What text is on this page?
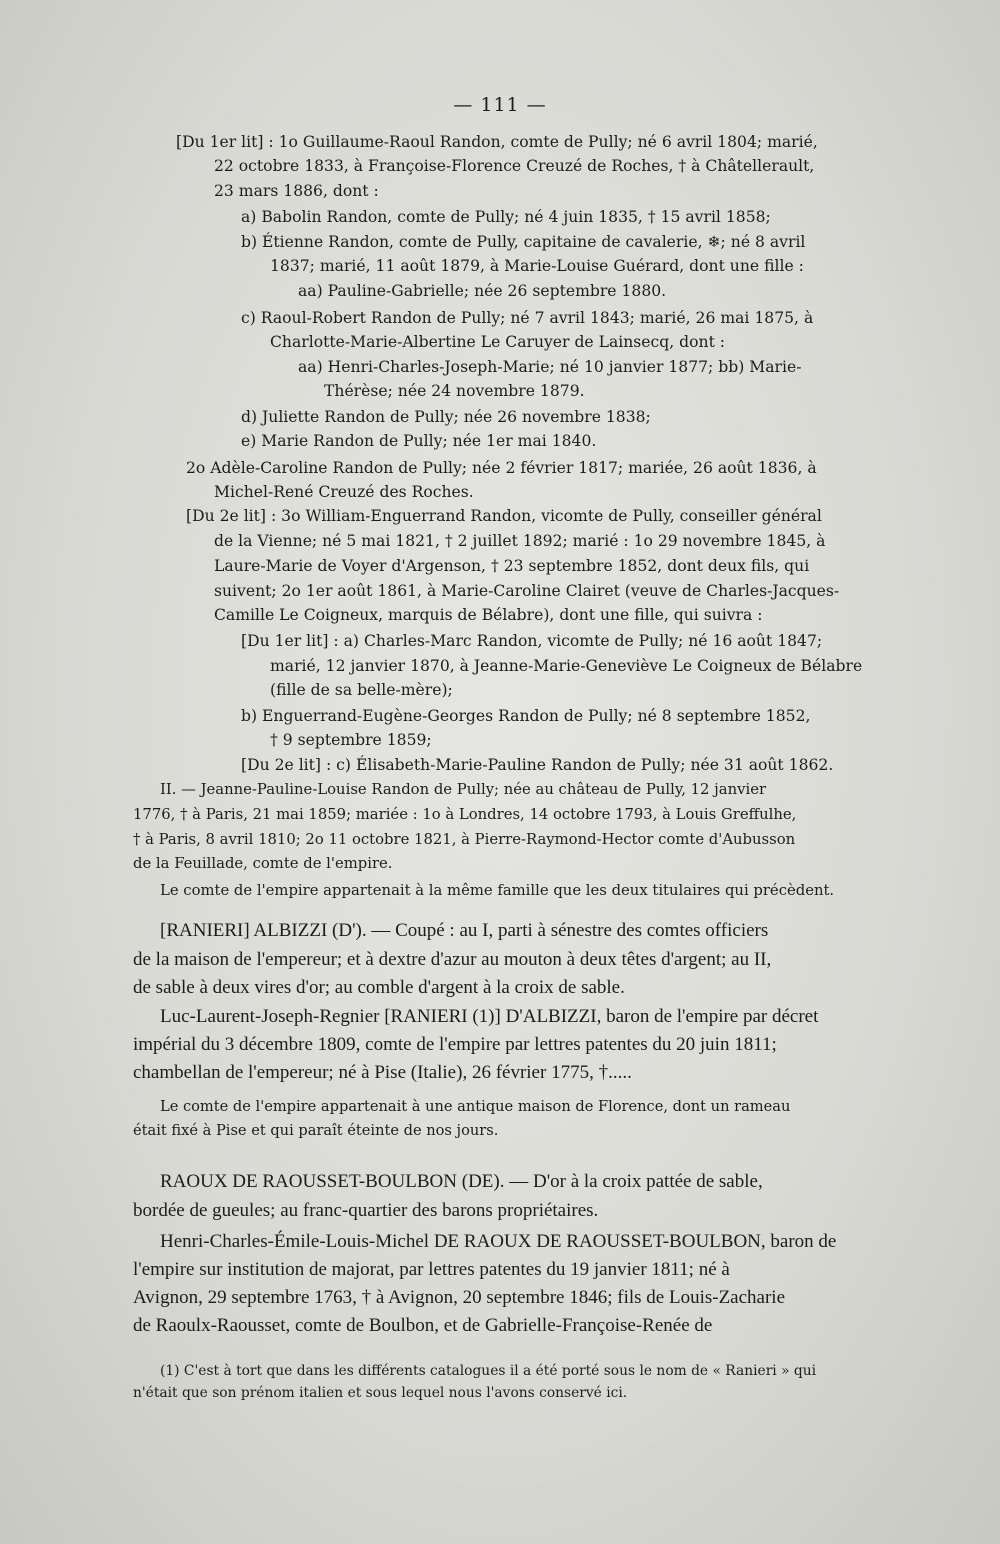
— 111 —
[Du 1er lit] : 1o Guillaume-Raoul Randon, comte de Pully; né 6 avril 1804; marié,
22 octobre 1833, à Françoise-Florence Creuzé de Roches, † à Châtellerault,
23 mars 1886, dont :
a) Babolin Randon, comte de Pully; né 4 juin 1835, † 15 avril 1858;
b) Étienne Randon, comte de Pully, capitaine de cavalerie, ❄; né 8 avril
1837; marié, 11 août 1879, à Marie-Louise Guérard, dont une fille :
aa) Pauline-Gabrielle; née 26 septembre 1880.
c) Raoul-Robert Randon de Pully; né 7 avril 1843; marié, 26 mai 1875, à
Charlotte-Marie-Albertine Le Caruyer de Lainsecq, dont :
aa) Henri-Charles-Joseph-Marie; né 10 janvier 1877; bb) Marie-
Thérèse; née 24 novembre 1879.
d) Juliette Randon de Pully; née 26 novembre 1838;
e) Marie Randon de Pully; née 1er mai 1840.
2o Adèle-Caroline Randon de Pully; née 2 février 1817; mariée, 26 août 1836, à
Michel-René Creuzé des Roches.
[Du 2e lit] : 3o William-Enguerrand Randon, vicomte de Pully, conseiller général
de la Vienne; né 5 mai 1821, † 2 juillet 1892; marié : 1o 29 novembre 1845, à
Laure-Marie de Voyer d'Argenson, † 23 septembre 1852, dont deux fils, qui
suivent; 2o 1er août 1861, à Marie-Caroline Clairet (veuve de Charles-Jacques-
Camille Le Coigneux, marquis de Bélabre), dont une fille, qui suivra :
[Du 1er lit] : a) Charles-Marc Randon, vicomte de Pully; né 16 août 1847;
marié, 12 janvier 1870, à Jeanne-Marie-Geneviève Le Coigneux de Bélabre
(fille de sa belle-mère);
b) Enguerrand-Eugène-Georges Randon de Pully; né 8 septembre 1852,
† 9 septembre 1859;
[Du 2e lit] : c) Élisabeth-Marie-Pauline Randon de Pully; née 31 août 1862.
II. — Jeanne-Pauline-Louise Randon de Pully; née au château de Pully, 12 janvier
1776, † à Paris, 21 mai 1859; mariée : 1o à Londres, 14 octobre 1793, à Louis Greffulhe,
† à Paris, 8 avril 1810; 2o 11 octobre 1821, à Pierre-Raymond-Hector comte d'Aubusson
de la Feuillade, comte de l'empire.
Le comte de l'empire appartenait à la même famille que les deux titulaires qui précèdent.
[RANIERI] ALBIZZI (D'). — Coupé : au I, parti à sénestre des comtes officiers
de la maison de l'empereur; et à dextre d'azur au mouton à deux têtes d'argent; au II,
de sable à deux vires d'or; au comble d'argent à la croix de sable.
Luc-Laurent-Joseph-Regnier [RANIERI (1)] D'ALBIZZI, baron de l'empire par décret
impérial du 3 décembre 1809, comte de l'empire par lettres patentes du 20 juin 1811;
chambellan de l'empereur; né à Pise (Italie), 26 février 1775, †.....
Le comte de l'empire appartenait à une antique maison de Florence, dont un rameau
était fixé à Pise et qui paraît éteinte de nos jours.
RAOUX DE RAOUSSET-BOULBON (DE). — D'or à la croix pattée de sable,
bordée de gueules; au franc-quartier des barons propriétaires.
Henri-Charles-Émile-Louis-Michel DE RAOUX DE RAOUSSET-BOULBON, baron de
l'empire sur institution de majorat, par lettres patentes du 19 janvier 1811; né à
Avignon, 29 septembre 1763, † à Avignon, 20 septembre 1846; fils de Louis-Zacharie
de Raoulx-Raousset, comte de Boulbon, et de Gabrielle-Françoise-Renée de
(1) C'est à tort que dans les différents catalogues il a été porté sous le nom de « Ranieri » qui
n'était que son prénom italien et sous lequel nous l'avons conservé ici.
